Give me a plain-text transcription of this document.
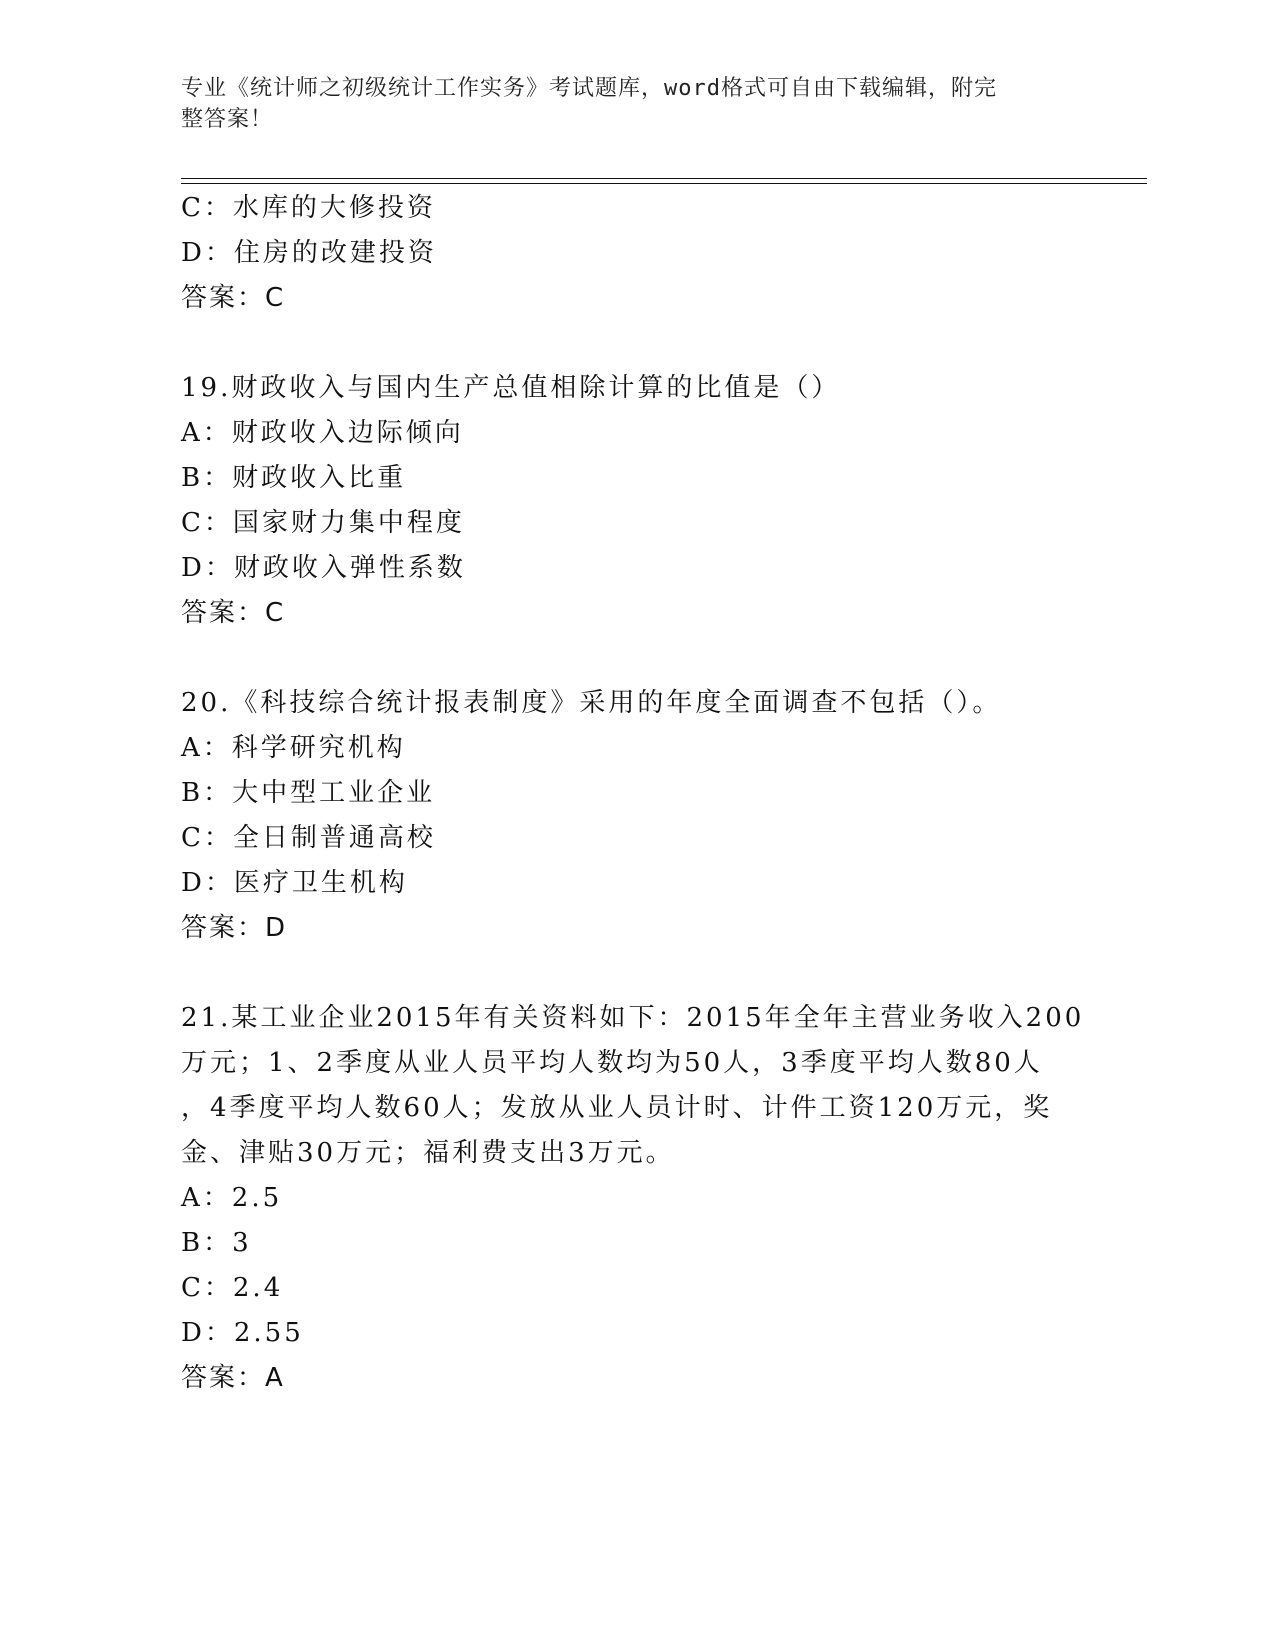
专业《统计师之初级统计工作实务》考试题库，word格式可自由下载编辑，附完
整答案！
C：水库的大修投资
D：住房的改建投资
答案：C
19.财政收入与国内生产总值相除计算的比值是（）
A：财政收入边际倾向
B：财政收入比重
C：国家财力集中程度
D：财政收入弹性系数
答案：C
20.《科技综合统计报表制度》采用的年度全面调查不包括（）。
A：科学研究机构
B：大中型工业企业
C：全日制普通高校
D：医疗卫生机构
答案：D
21.某工业企业2015年有关资料如下：2015年全年主营业务收入200
万元；1、2季度从业人员平均人数均为50人，3季度平均人数80人
，4季度平均人数60人；发放从业人员计时、计件工资120万元，奖
金、津贴30万元；福利费支出3万元。
A：2.5
B：3
C：2.4
D：2.55
答案：A
